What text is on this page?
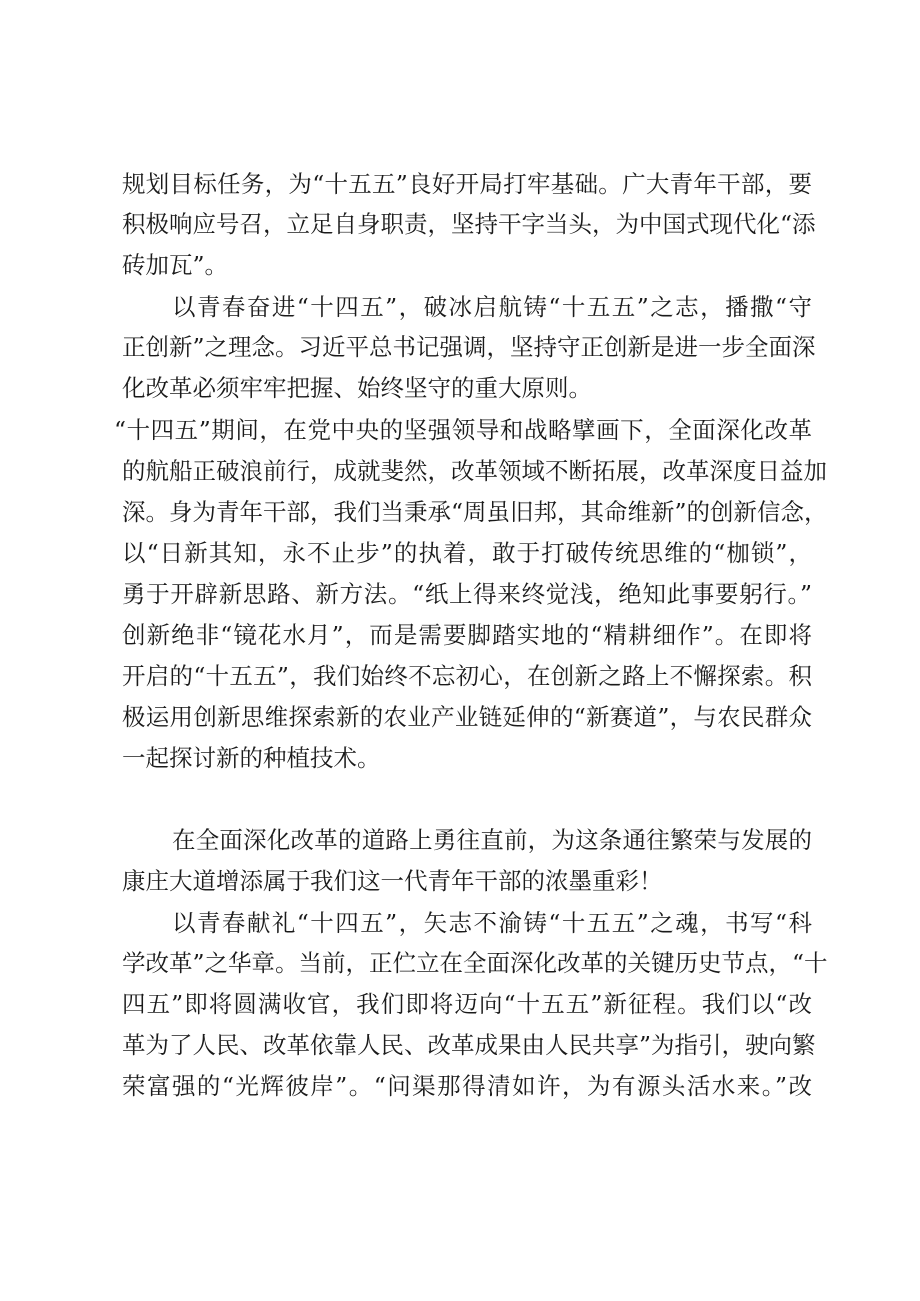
规划目标任务，为“十五五”良好开局打牢基础。广大青年干部，要
积极响应号召，立足自身职责，坚持干字当头，为中国式现代化“添
砖加瓦”。
以青春奋进“十四五”，破冰启航铸“十五五”之志，播撒“守
正创新”之理念。习近平总书记强调，坚持守正创新是进一步全面深
化改革必须牢牢把握、始终坚守的重大原则。
“十四五”期间，在党中央的坚强领导和战略擘画下，全面深化改革
的航船正破浪前行，成就斐然，改革领域不断拓展，改革深度日益加
深。身为青年干部，我们当秉承“周虽旧邦，其命维新”的创新信念，
以“日新其知，永不止步”的执着，敢于打破传统思维的“枷锁”，
勇于开辟新思路、新方法。“纸上得来终觉浅，绝知此事要躬行。”
创新绝非“镜花水月”，而是需要脚踏实地的“精耕细作”。在即将
开启的“十五五”，我们始终不忘初心，在创新之路上不懈探索。积
极运用创新思维探索新的农业产业链延伸的“新赛道”，与农民群众
一起探讨新的种植技术。
在全面深化改革的道路上勇往直前，为这条通往繁荣与发展的
康庄大道增添属于我们这一代青年干部的浓墨重彩！
以青春献礼“十四五”，矢志不渝铸“十五五”之魂，书写“科
学改革”之华章。当前，正伫立在全面深化改革的关键历史节点，“十
四五”即将圆满收官，我们即将迈向“十五五”新征程。我们以“改
革为了人民、改革依靠人民、改革成果由人民共享”为指引，驶向繁
荣富强的“光辉彼岸”。“问渠那得清如许，为有源头活水来。”改
